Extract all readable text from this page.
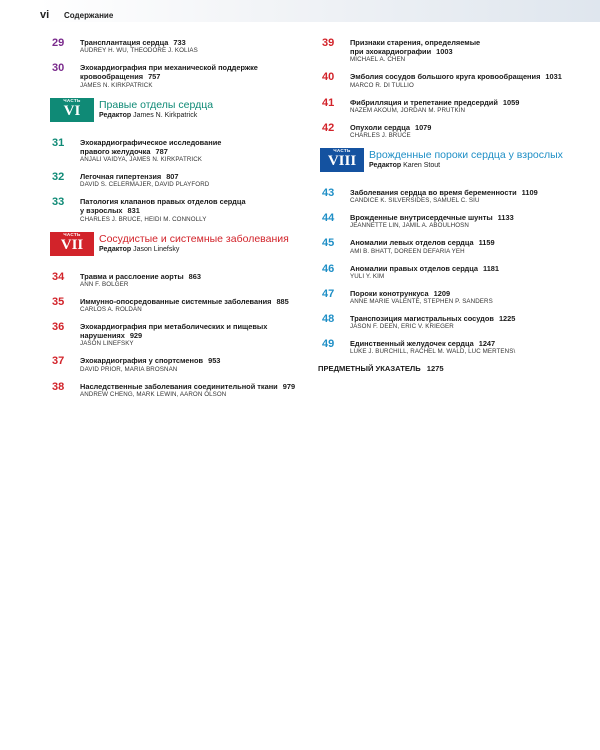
vi Содержание
29 Трансплантация сердца 733
AUDREY H. WU, THEODORE J. KOLIAS
30 Эхокардиография при механической поддержке
кровообращения 757
JAMES N. KIRKPATRICK
ЧАСТЬ
VI	Правые отделы сердца
Редактор James N. Kirkpatrick
31 Эхокардиографическое исследование
правого желудочка 787
ANJALI VAIDYA, JAMES N. KIRKPATRICK
32 Легочная гипертензия 807
DAVID S. CELERMAJER, DAVID PLAYFORD
33 Патология клапанов правых отделов сердца
у взрослых 831
CHARLES J. BRUCE, HEIDI M. CONNOLLY
ЧАСТЬ
VII	Сосудистые и системные заболевания
Редактор Jason Linefsky
34 Травма и расслоение аорты 863
ANN F. BOLGER
35 Иммунно-опосредованные системные заболевания 885
CARLOS A. ROLDAN
36 Эхокардиография при метаболических и пищевых
нарушениях 929
JASON LINEFSKY
37 Эхокардиография у спортсменов 953
DAVID PRIOR, MARIA BROSNAN
38 Наследственные заболевания соединительной ткани 979
ANDREW CHENG, MARK LEWIN, AARON OLSON
39 Признаки старения, определяемые
при эхокардиографии 1003
MICHAEL A. CHEN
40 Эмболия сосудов большого круга кровообращения 1031
MARCO R. DI TULLIO
41 Фибрилляция и трепетание предсердий 1059
NAZEM AKOUM, JORDAN M. PRUTKIN
42 Опухоли сердца 1079
CHARLES J. BRUCE
ЧАСТЬ
VIII	Врожденные пороки сердца у взрослых
Редактор Karen Stout
43 Заболевания сердца во время беременности 1109
CANDICE K. SILVERSIDES, SAMUEL C. SIU
44 Врожденные внутрисердечные шунты 1133
JEANNETTE LIN, JAMIL A. ABOULHOSN
45 Аномалии левых отделов сердца 1159
AMI B. BHATT, DOREEN DEFARIA YEH
46 Аномалии правых отделов сердца 1181
YULI Y. KIM
47 Пороки конотрункуса 1209
ANNE MARIE VALENTE, STEPHEN P. SANDERS
48 Транспозиция магистральных сосудов 1225
JASON F. DEEN, ERIC V. KRIEGER
49 Единственный желудочек сердца 1247
LUKE J. BURCHILL, RACHEL M. WALD, LUC MERTENS\
ПРЕДМЕТНЫЙ УКАЗАТЕЛЬ 1275
